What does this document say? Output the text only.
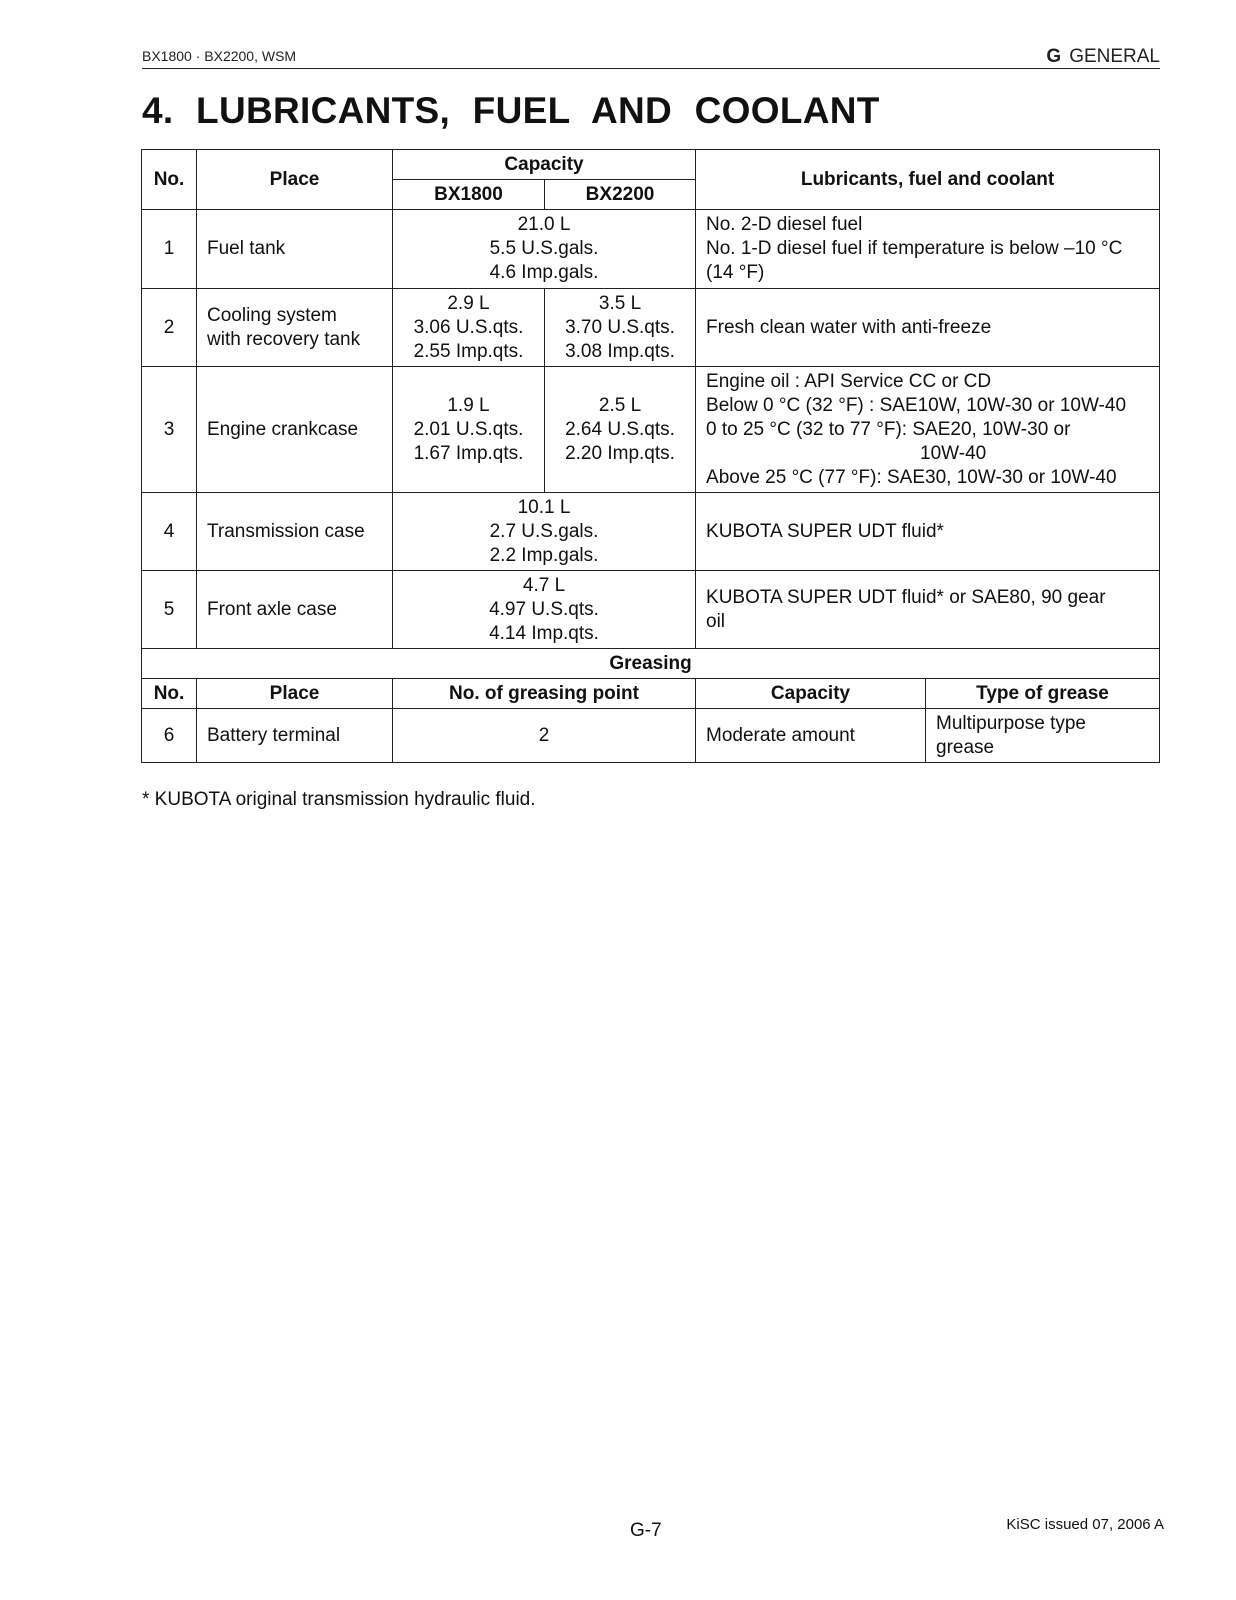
BX1800 · BX2200, WSM	G GENERAL
4. LUBRICANTS, FUEL AND COOLANT
No.	Place	Capacity		Lubricants, fuel and coolant	
		BX1800	BX2200		
1	Fuel tank	21.0 L
5.5 U.S.gals.
4.6 Imp.gals.		No. 2-D diesel fuel
No. 1-D diesel fuel if temperature is below –10 °C
(14 °F)	

2	Cooling system
with recovery tank	2.9 L
3.06 U.S.qts.
2.55 Imp.qts.	3.5 L
3.70 U.S.qts.
3.08 Imp.qts.	Fresh clean water with anti-freeze	
3	Engine crankcase	1.9 L
2.01 U.S.qts.
1.67 Imp.qts.	2.5 L
2.64 U.S.qts.
2.20 Imp.qts.	Engine oil : API Service CC or CD
Below 0 °C (32 °F) : SAE10W, 10W-30 or 10W-40
0 to 25 °C (32 to 77 °F): SAE20, 10W-30 or
10W-40
Above 25 °C (77 °F): SAE30, 10W-30 or 10W-40	

4	Transmission case	10.1 L
2.7 U.S.gals.
2.2 Imp.gals.		KUBOTA SUPER UDT fluid*	
5	Front axle case	4.7 L
4.97 U.S.qts.
4.14 Imp.qts.		KUBOTA SUPER UDT fluid* or SAE80, 90 gear
oil	

Greasing					
No.	Place	No. of greasing point		Capacity	Type of grease
6	Battery terminal	2		Moderate amount	Multipurpose type
grease
* KUBOTA original transmission hydraulic fluid.
G-7	KiSC issued 07, 2006 A
